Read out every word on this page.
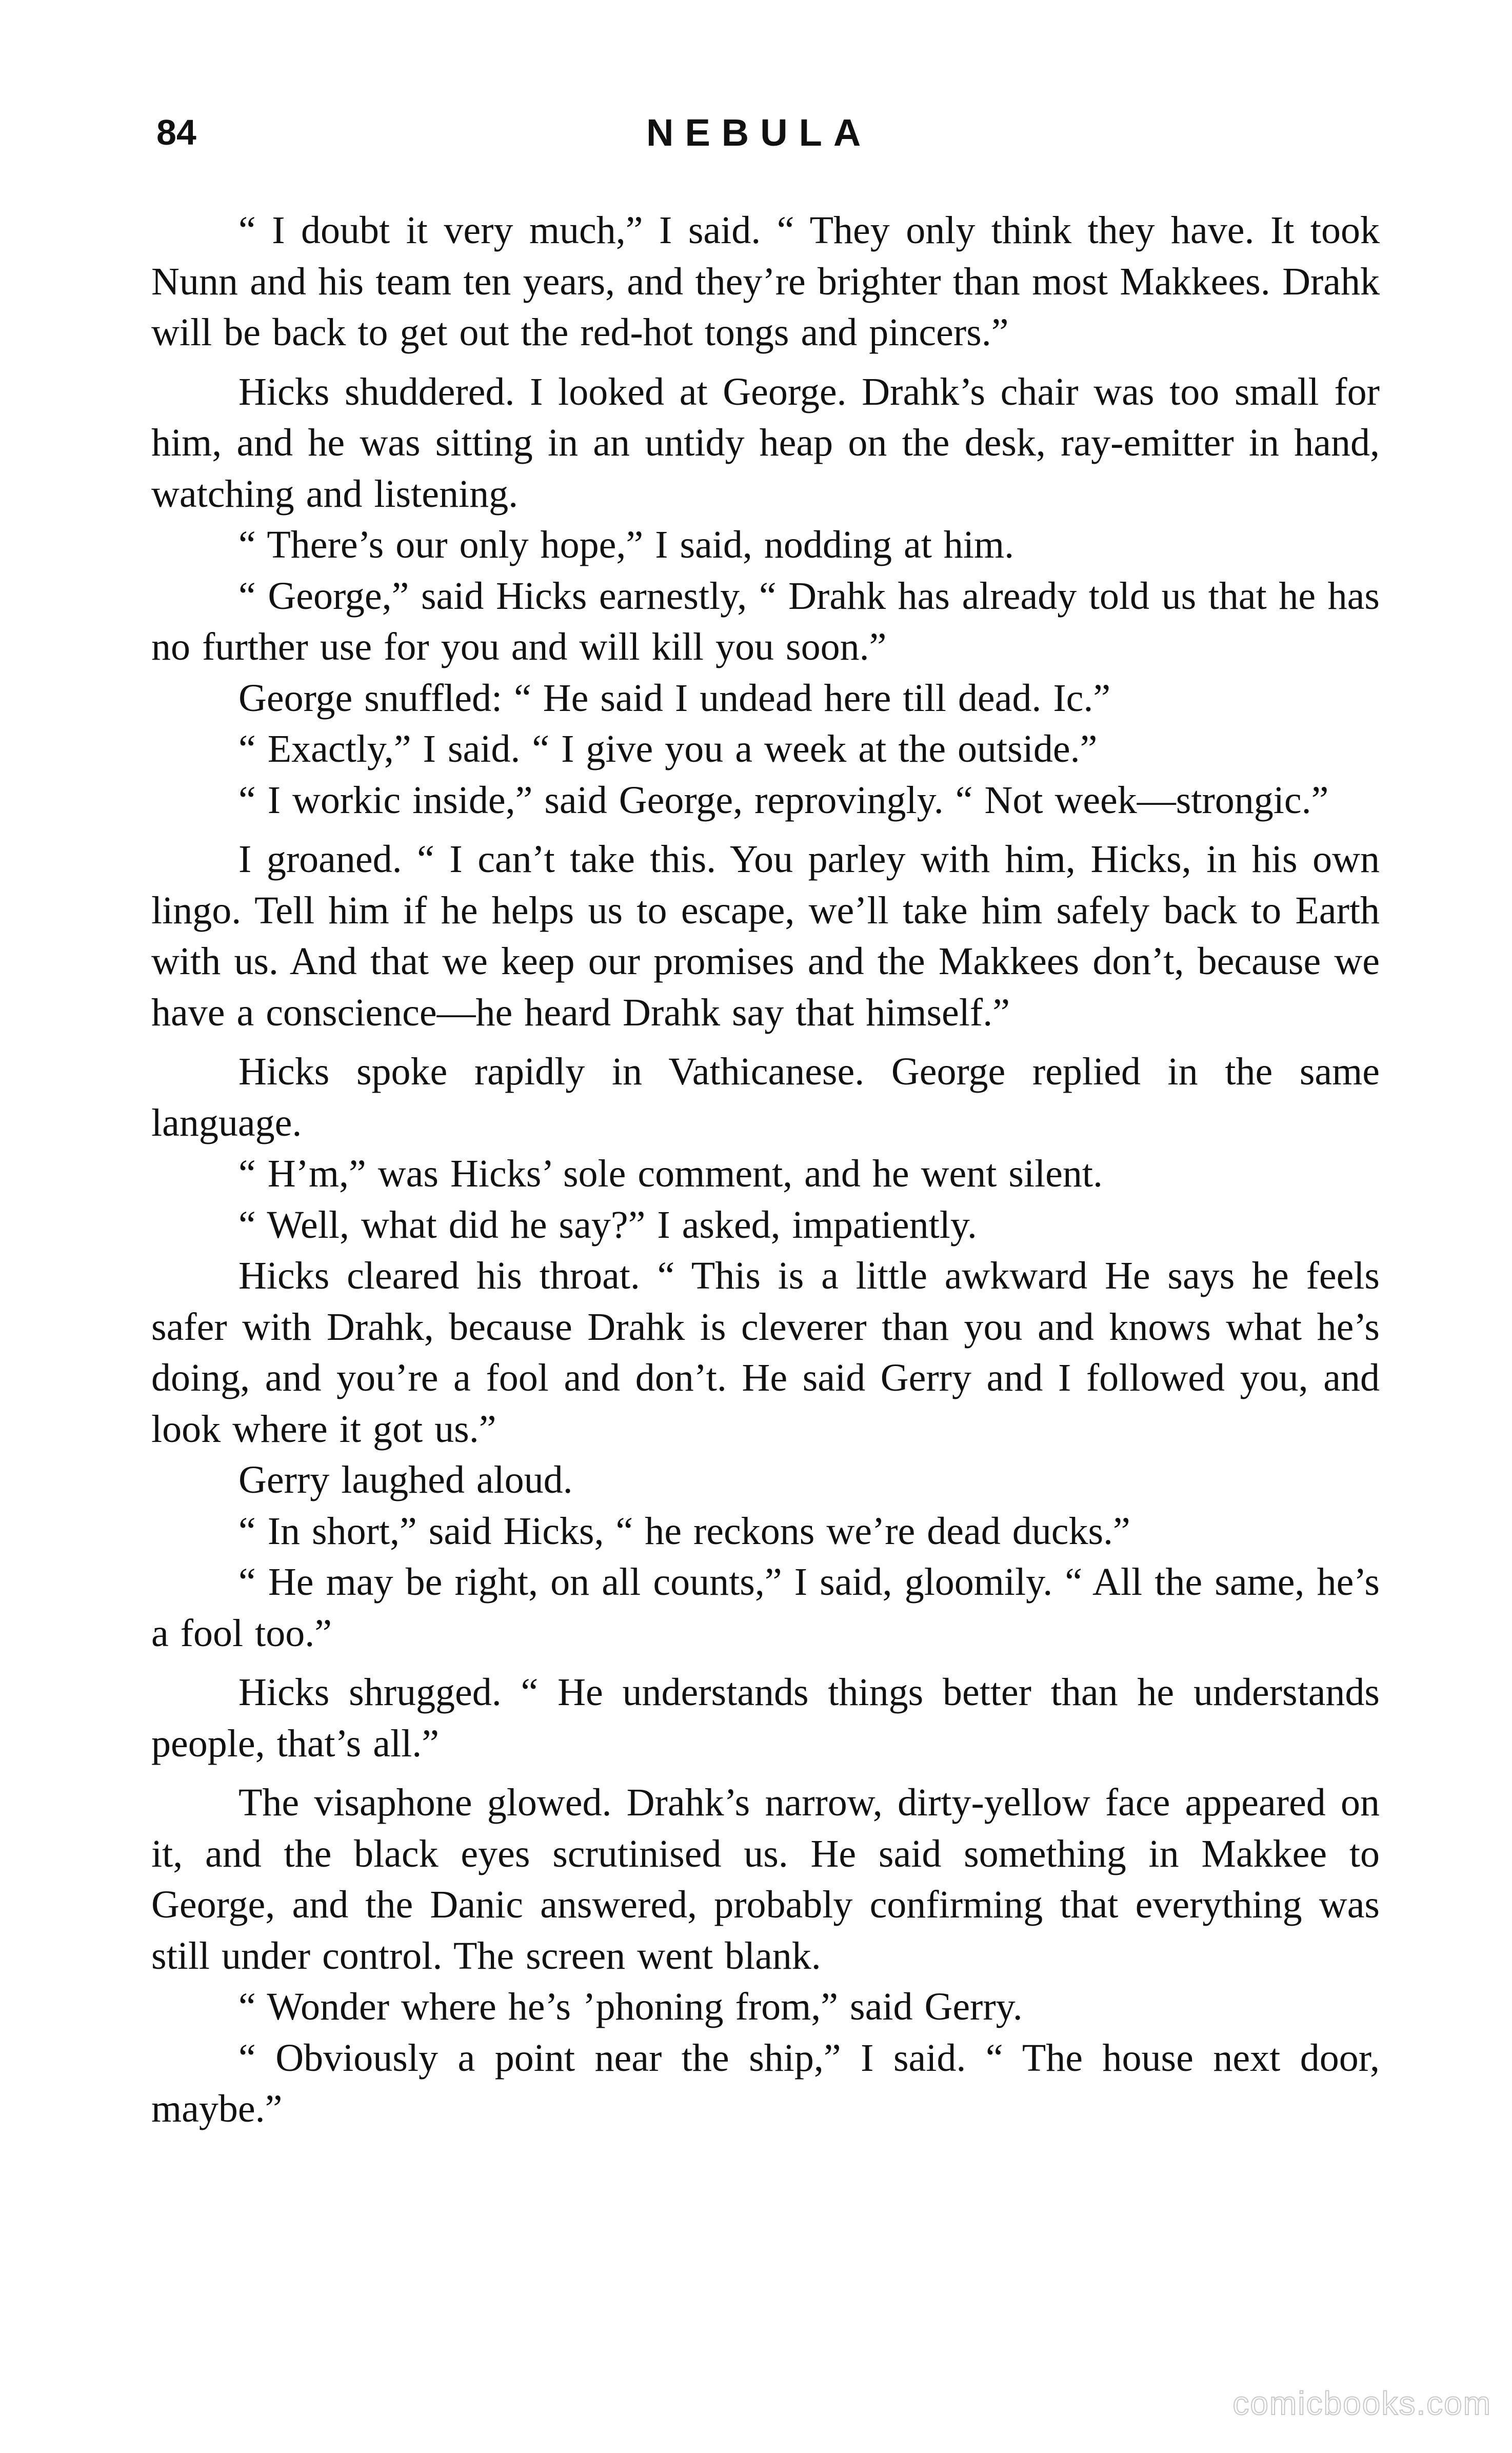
84	NEBULA

“ I doubt it very much,” I said. “ They only think they have. It took Nunn and his team ten years, and they’re brighter than most Makkees. Drahk will be back to get out the red-hot tongs and pincers.”

Hicks shuddered. I looked at George. Drahk’s chair was too small for him, and he was sitting in an untidy heap on the desk, ray-emitter in hand, watching and listening.

“ There’s our only hope,” I said, nodding at him.

“ George,” said Hicks earnestly, “ Drahk has already told us that he has no further use for you and will kill you soon.”

George snuffled: “ He said I undead here till dead. Ic.”

“ Exactly,” I said. “ I give you a week at the outside.”

“ I workic inside,” said George, reprovingly. “ Not week—strongic.”

I groaned. “ I can’t take this. You parley with him, Hicks, in his own lingo. Tell him if he helps us to escape, we’ll take him safely back to Earth with us. And that we keep our promises and the Makkees don’t, because we have a conscience—he heard Drahk say that himself.”

Hicks spoke rapidly in Vathicanese. George replied in the same language.

“ H’m,” was Hicks’ sole comment, and he went silent.

“ Well, what did he say?” I asked, impatiently.

Hicks cleared his throat. “ This is a little awkward He says he feels safer with Drahk, because Drahk is cleverer than you and knows what he’s doing, and you’re a fool and don’t. He said Gerry and I followed you, and look where it got us.”

Gerry laughed aloud.

“ In short,” said Hicks, “ he reckons we’re dead ducks.”

“ He may be right, on all counts,” I said, gloomily. “ All the same, he’s a fool too.”

Hicks shrugged. “ He understands things better than he understands people, that’s all.”

The visaphone glowed. Drahk’s narrow, dirty-yellow face appeared on it, and the black eyes scrutinised us. He said something in Makkee to George, and the Danic answered, probably confirming that everything was still under control. The screen went blank.

“ Wonder where he’s ’phoning from,” said Gerry.

“ Obviously a point near the ship,” I said. “ The house next door, maybe.”

comicbooks.com
